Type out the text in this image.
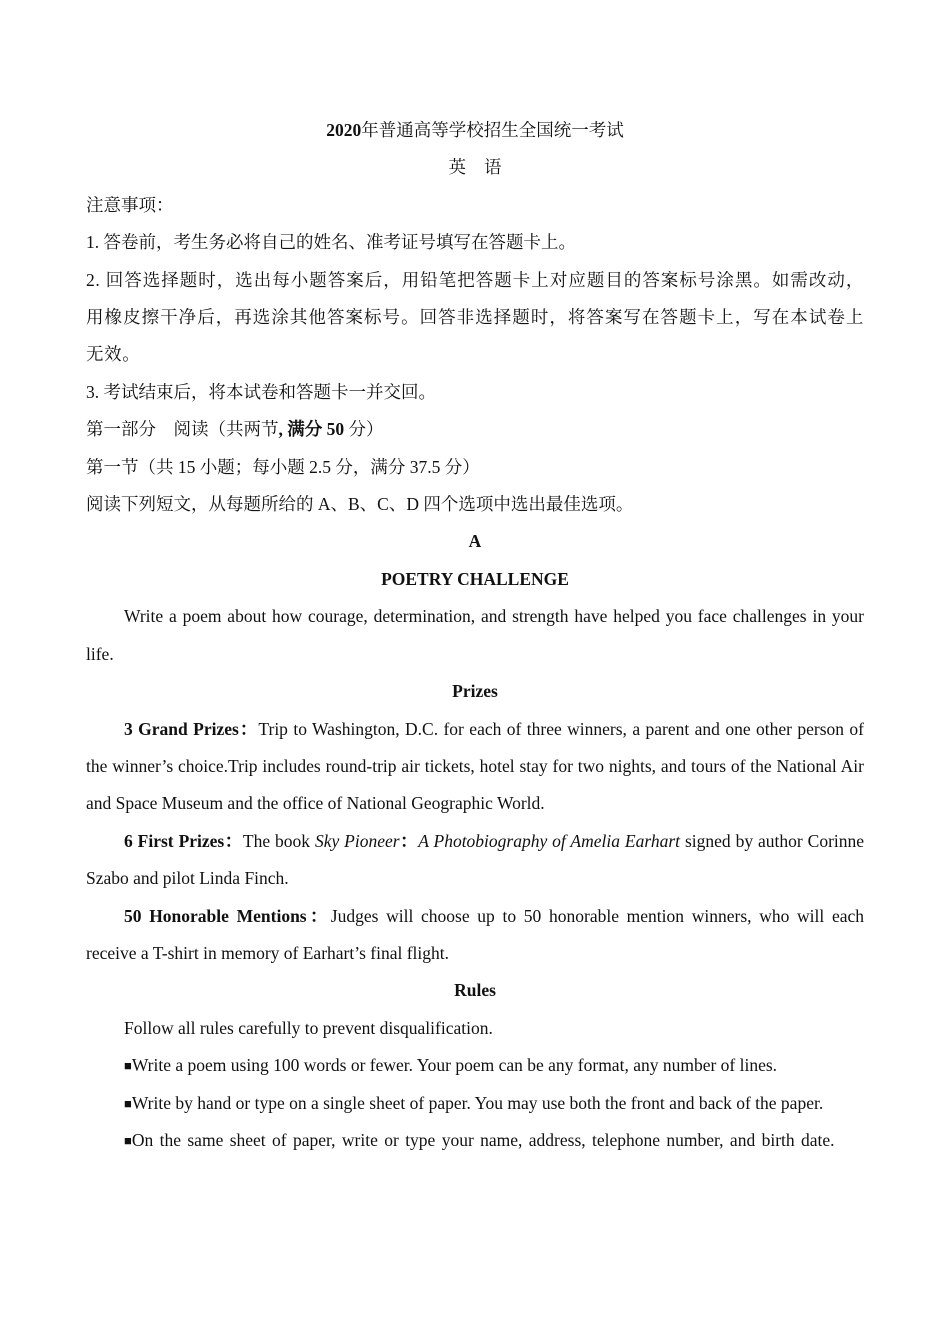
2020年普通高等学校招生全国统一考试
英语
注意事项：
1. 答卷前，考生务必将自己的姓名、准考证号填写在答题卡上。
2. 回答选择题时，选出每小题答案后，用铅笔把答题卡上对应题目的答案标号涂黑。如需改动，用橡皮擦干净后，再选涂其他答案标号。回答非选择题时，将答案写在答题卡上，写在本试卷上无效。
3. 考试结束后，将本试卷和答题卡一并交回。
第一部分　阅读（共两节, 满分 50 分）
第一节（共 15 小题；每小题 2.5 分，满分 37.5 分）
阅读下列短文，从每题所给的 A、B、C、D 四个选项中选出最佳选项。
A
POETRY CHALLENGE
Write a poem about how courage, determination, and strength have helped you face challenges in your life.
Prizes
3 Grand Prizes：Trip to Washington, D.C. for each of three winners, a parent and one other person of the winner’s choice.Trip includes round-trip air tickets, hotel stay for two nights, and tours of the National Air and Space Museum and the office of National Geographic World.
6 First Prizes：The book Sky Pioneer：A Photobiography of Amelia Earhart signed by author Corinne Szabo and pilot Linda Finch.
50 Honorable Mentions：Judges will choose up to 50 honorable mention winners, who will each receive a T-shirt in memory of Earhart’s final flight.
Rules
Follow all rules carefully to prevent disqualification.
■Write a poem using 100 words or fewer. Your poem can be any format, any number of lines.
■Write by hand or type on a single sheet of paper. You may use both the front and back of the paper.
■On the same sheet of paper, write or type your name, address, telephone number, and birth date.
